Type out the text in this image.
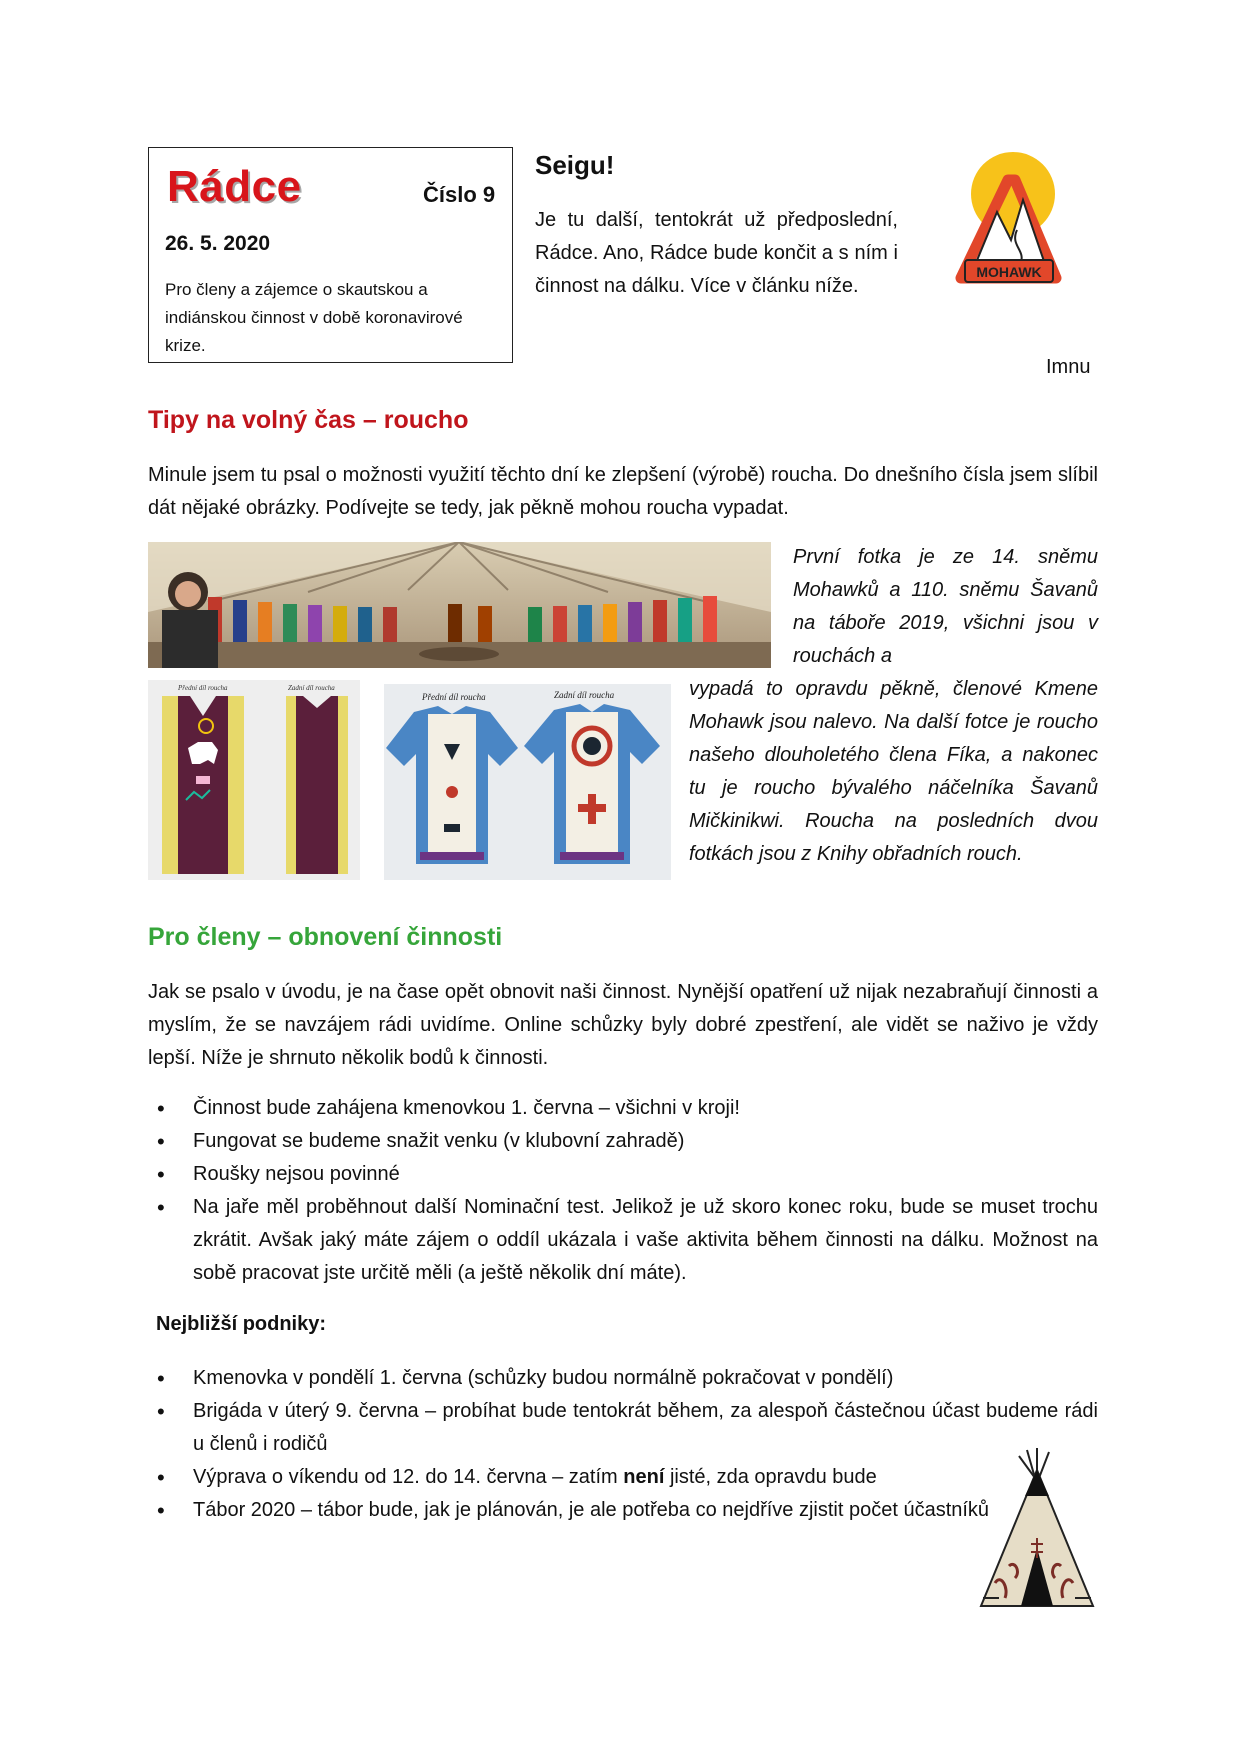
Rádce	Číslo 9
26. 5. 2020
Pro členy a zájemce o skautskou a indiánskou činnost v době koronavirové krize.
Seigu!

Je tu další, tentokrát už předposlední, Rádce. Ano, Rádce bude končit a s ním i činnost na dálku. Více v článku níže.

MOHAWK
Imnu
Tipy na volný čas – roucho

Minule jsem tu psal o možnosti využití těchto dní ke zlepšení (výrobě) roucha. Do dnešního čísla jsem slíbil dát nějaké obrázky. Podívejte se tedy, jak pěkně mohou roucha vypadat.

Přední díl roucha	Zadní díl roucha
Přední díl roucha	Zadní díl roucha

První fotka je ze 14. sněmu Mohawků a 110. sněmu Šavanů na táboře 2019, všichni jsou v rouchách a

vypadá to opravdu pěkně, členové Kmene Mohawk jsou nalevo. Na další fotce je roucho našeho dlouholetého člena Fíka, a nakonec tu je roucho bývalého náčelníka Šavanů Mičkinikwi. Roucha na posledních dvou fotkách jsou z Knihy obřadních rouch.

Pro členy – obnovení činnosti

Jak se psalo v úvodu, je na čase opět obnovit naši činnost. Nynější opatření už nijak nezabraňují činnosti a myslím, že se navzájem rádi uvidíme. Online schůzky byly dobré zpestření, ale vidět se naživo je vždy lepší. Níže je shrnuto několik bodů k činnosti.

• Činnost bude zahájena kmenovkou 1. června – všichni v kroji!
• Fungovat se budeme snažit venku (v klubovní zahradě)
• Roušky nejsou povinné
• Na jaře měl proběhnout další Nominační test. Jelikož je už skoro konec roku, bude se muset trochu zkrátit. Avšak jaký máte zájem o oddíl ukázala i vaše aktivita během činnosti na dálku. Možnost na sobě pracovat jste určitě měli (a ještě několik dní máte).
Nejbližší podniky:
• Kmenovka v pondělí 1. června (schůzky budou normálně pokračovat v pondělí)
• Brigáda v úterý 9. června – probíhat bude tentokrát během, za alespoň částečnou účast budeme rádi u členů i rodičů
• Výprava o víkendu od 12. do 14. června – zatím není jisté, zda opravdu bude
• Tábor 2020 – tábor bude, jak je plánován, je ale potřeba co nejdříve zjistit počet účastníků
